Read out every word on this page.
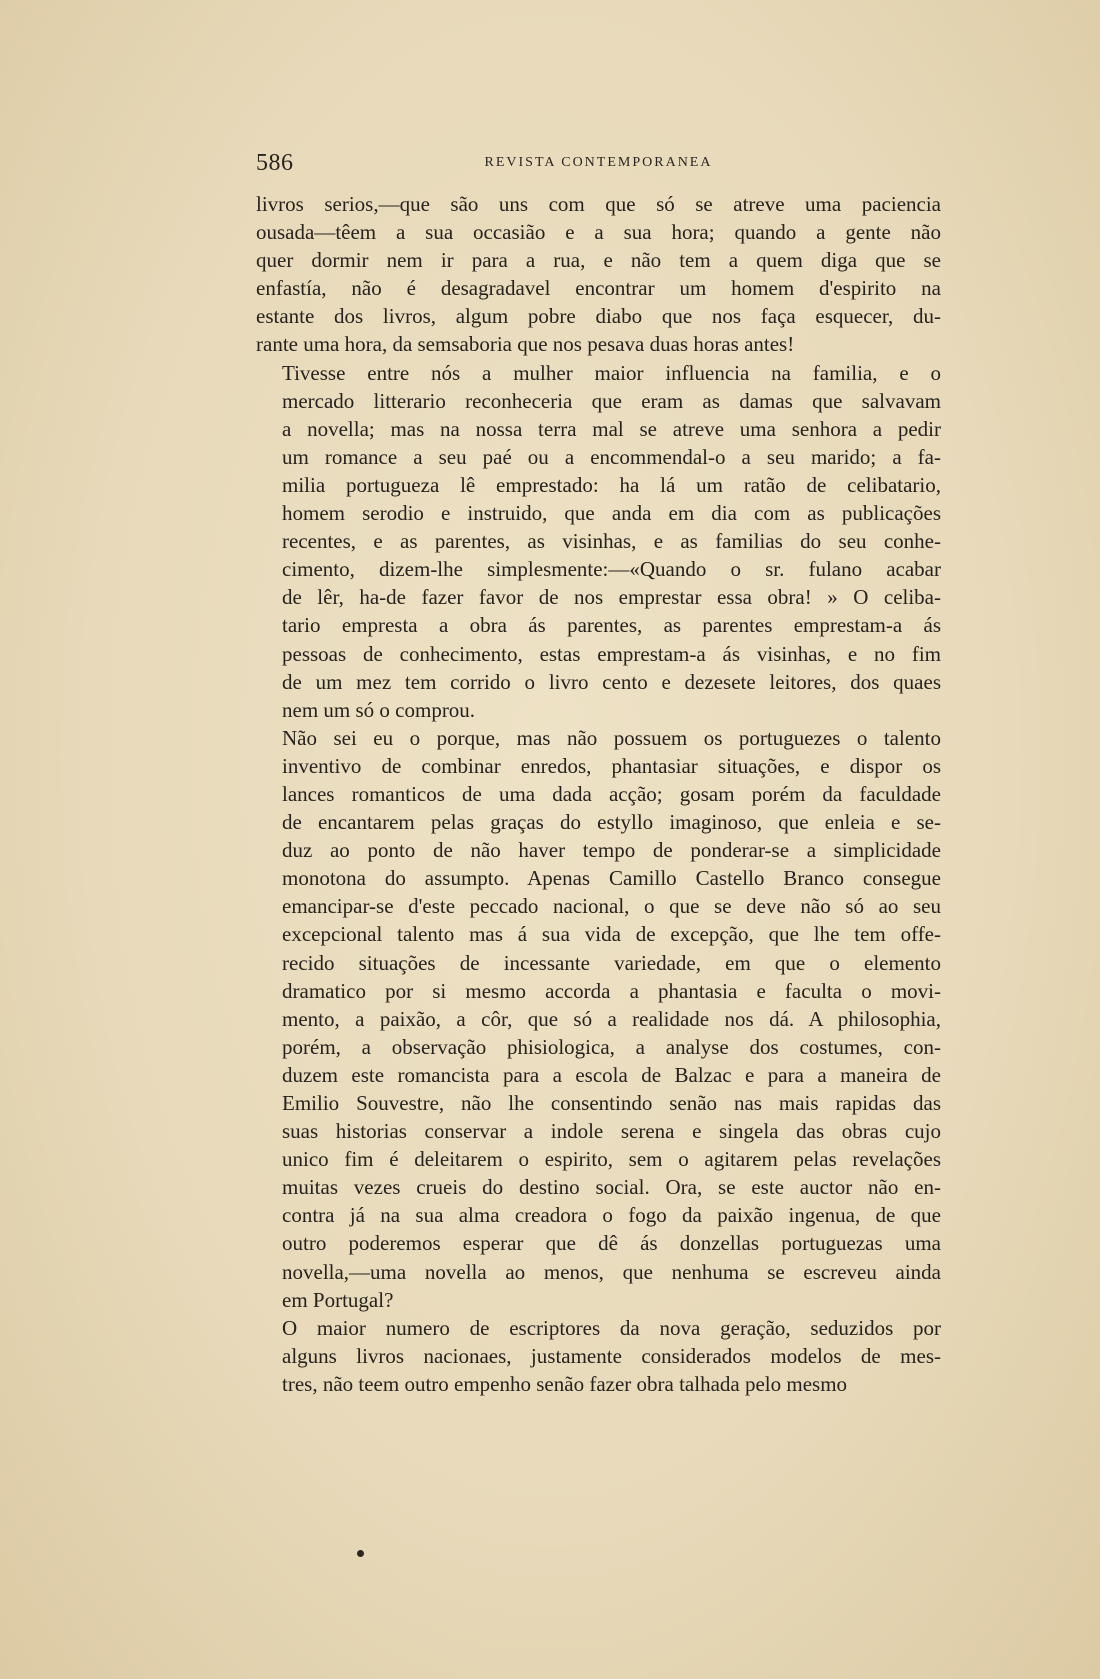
586	REVISTA CONTEMPORANEA
livros serios,—que são uns com que só se atreve uma paciencia
ousada—têem a sua occasião e a sua hora; quando a gente não
quer dormir nem ir para a rua, e não tem a quem diga que se
enfastía, não é desagradavel encontrar um homem d'espirito na
estante dos livros, algum pobre diabo que nos faça esquecer, du-
rante uma hora, da semsaboria que nos pesava duas horas antes!
Tivesse entre nós a mulher maior influencia na familia, e o
mercado litterario reconheceria que eram as damas que salvavam
a novella; mas na nossa terra mal se atreve uma senhora a pedir
um romance a seu paé ou a encommendal-o a seu marido; a fa-
milia portugueza lê emprestado: ha lá um ratão de celibatario,
homem serodio e instruido, que anda em dia com as publicações
recentes, e as parentes, as visinhas, e as familias do seu conhe-
cimento, dizem-lhe simplesmente:—«Quando o sr. fulano acabar
de lêr, ha-de fazer favor de nos emprestar essa obra! » O celiba-
tario empresta a obra ás parentes, as parentes emprestam-a ás
pessoas de conhecimento, estas emprestam-a ás visinhas, e no fim
de um mez tem corrido o livro cento e dezesete leitores, dos quaes
nem um só o comprou.
Não sei eu o porque, mas não possuem os portuguezes o talento
inventivo de combinar enredos, phantasiar situações, e dispor os
lances romanticos de uma dada acção; gosam porém da faculdade
de encantarem pelas graças do estyllo imaginoso, que enleia e se-
duz ao ponto de não haver tempo de ponderar-se a simplicidade
monotona do assumpto. Apenas Camillo Castello Branco consegue
emancipar-se d'este peccado nacional, o que se deve não só ao seu
excepcional talento mas á sua vida de excepção, que lhe tem offe-
recido situações de incessante variedade, em que o elemento
dramatico por si mesmo accorda a phantasia e faculta o movi-
mento, a paixão, a côr, que só a realidade nos dá. A philosophia,
porém, a observação phisiologica, a analyse dos costumes, con-
duzem este romancista para a escola de Balzac e para a maneira de
Emilio Souvestre, não lhe consentindo senão nas mais rapidas das
suas historias conservar a indole serena e singela das obras cujo
unico fim é deleitarem o espirito, sem o agitarem pelas revelações
muitas vezes crueis do destino social. Ora, se este auctor não en-
contra já na sua alma creadora o fogo da paixão ingenua, de que
outro poderemos esperar que dê ás donzellas portuguezas uma
novella,—uma novella ao menos, que nenhuma se escreveu ainda
em Portugal?
O maior numero de escriptores da nova geração, seduzidos por
alguns livros nacionaes, justamente considerados modelos de mes-
tres, não teem outro empenho senão fazer obra talhada pelo mesmo
